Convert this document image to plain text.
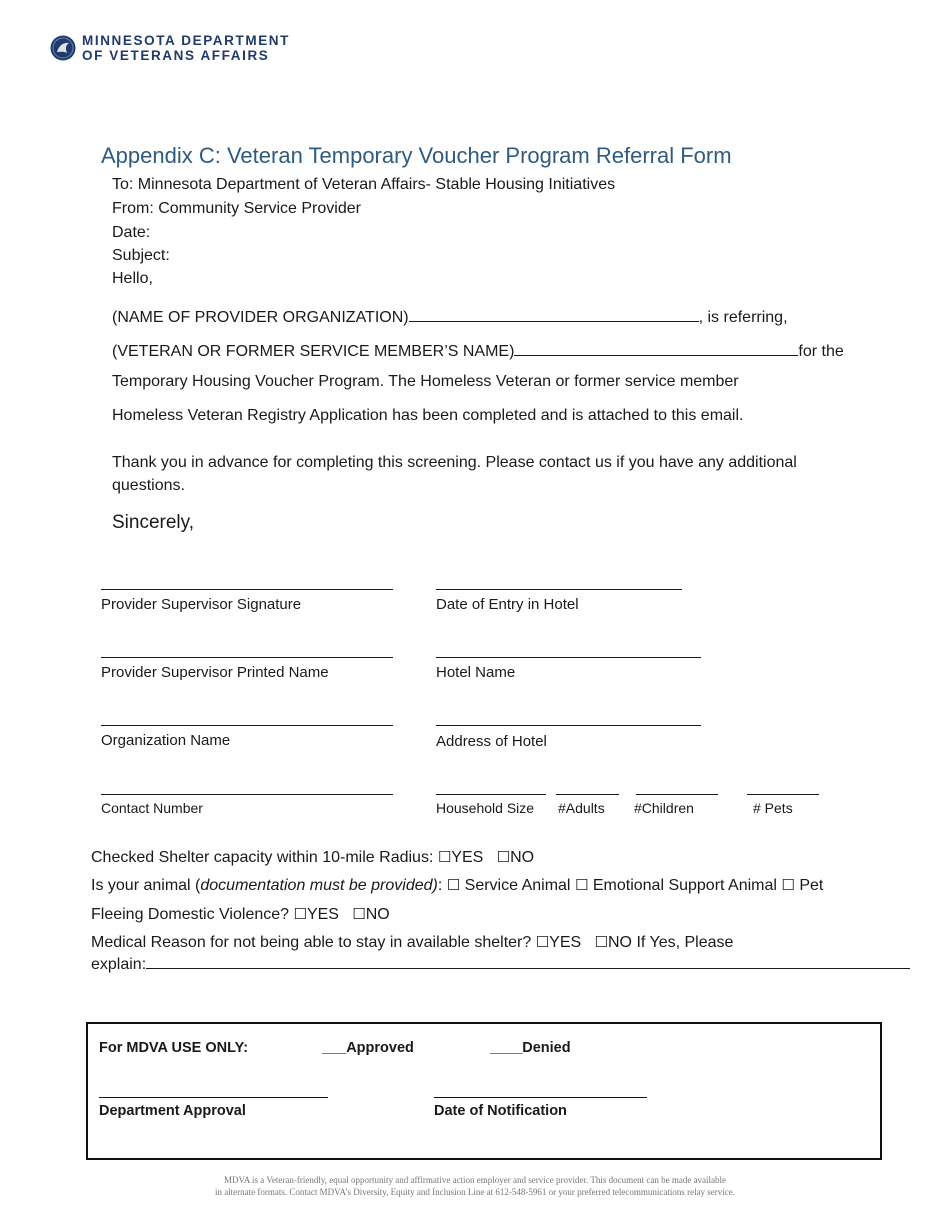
MINNESOTA DEPARTMENT
OF VETERANS AFFAIRS
Appendix C: Veteran Temporary Voucher Program Referral Form
To: Minnesota Department of Veteran Affairs- Stable Housing Initiatives
From: Community Service Provider
Date:
Subject:
Hello,
(NAME OF PROVIDER ORGANIZATION)	, is referring,
(VETERAN OR FORMER SERVICE MEMBER’S NAME)	for the
Temporary Housing Voucher Program. The Homeless Veteran or former service member
Homeless Veteran Registry Application has been completed and is attached to this email.
Thank you in advance for completing this screening. Please contact us if you have any additional
questions.
Sincerely,
Provider Supervisor Signature	Date of Entry in Hotel
Provider Supervisor Printed Name	Hotel Name
Organization Name	Address of Hotel
Contact Number	Household Size #Adults #Children	# Pets
Checked Shelter capacity within 10-mile Radius: ☐YES ☐NO
Is your animal (documentation must be provided): ☐ Service Animal ☐ Emotional Support Animal ☐ Pet
Fleeing Domestic Violence? ☐YES ☐NO
Medical Reason for not being able to stay in available shelter? ☐YES ☐NO If Yes, Please
explain:
For MDVA USE ONLY:	___Approved	____Denied
Department Approval	Date of Notification
MDVA is a Veteran-friendly, equal opportunity and affirmative action employer and service provider. This document can be made available
in alternate formats. Contact MDVA’s Diversity, Equity and Inclusion Line at 612-548-5961 or your preferred telecommunications relay service.
